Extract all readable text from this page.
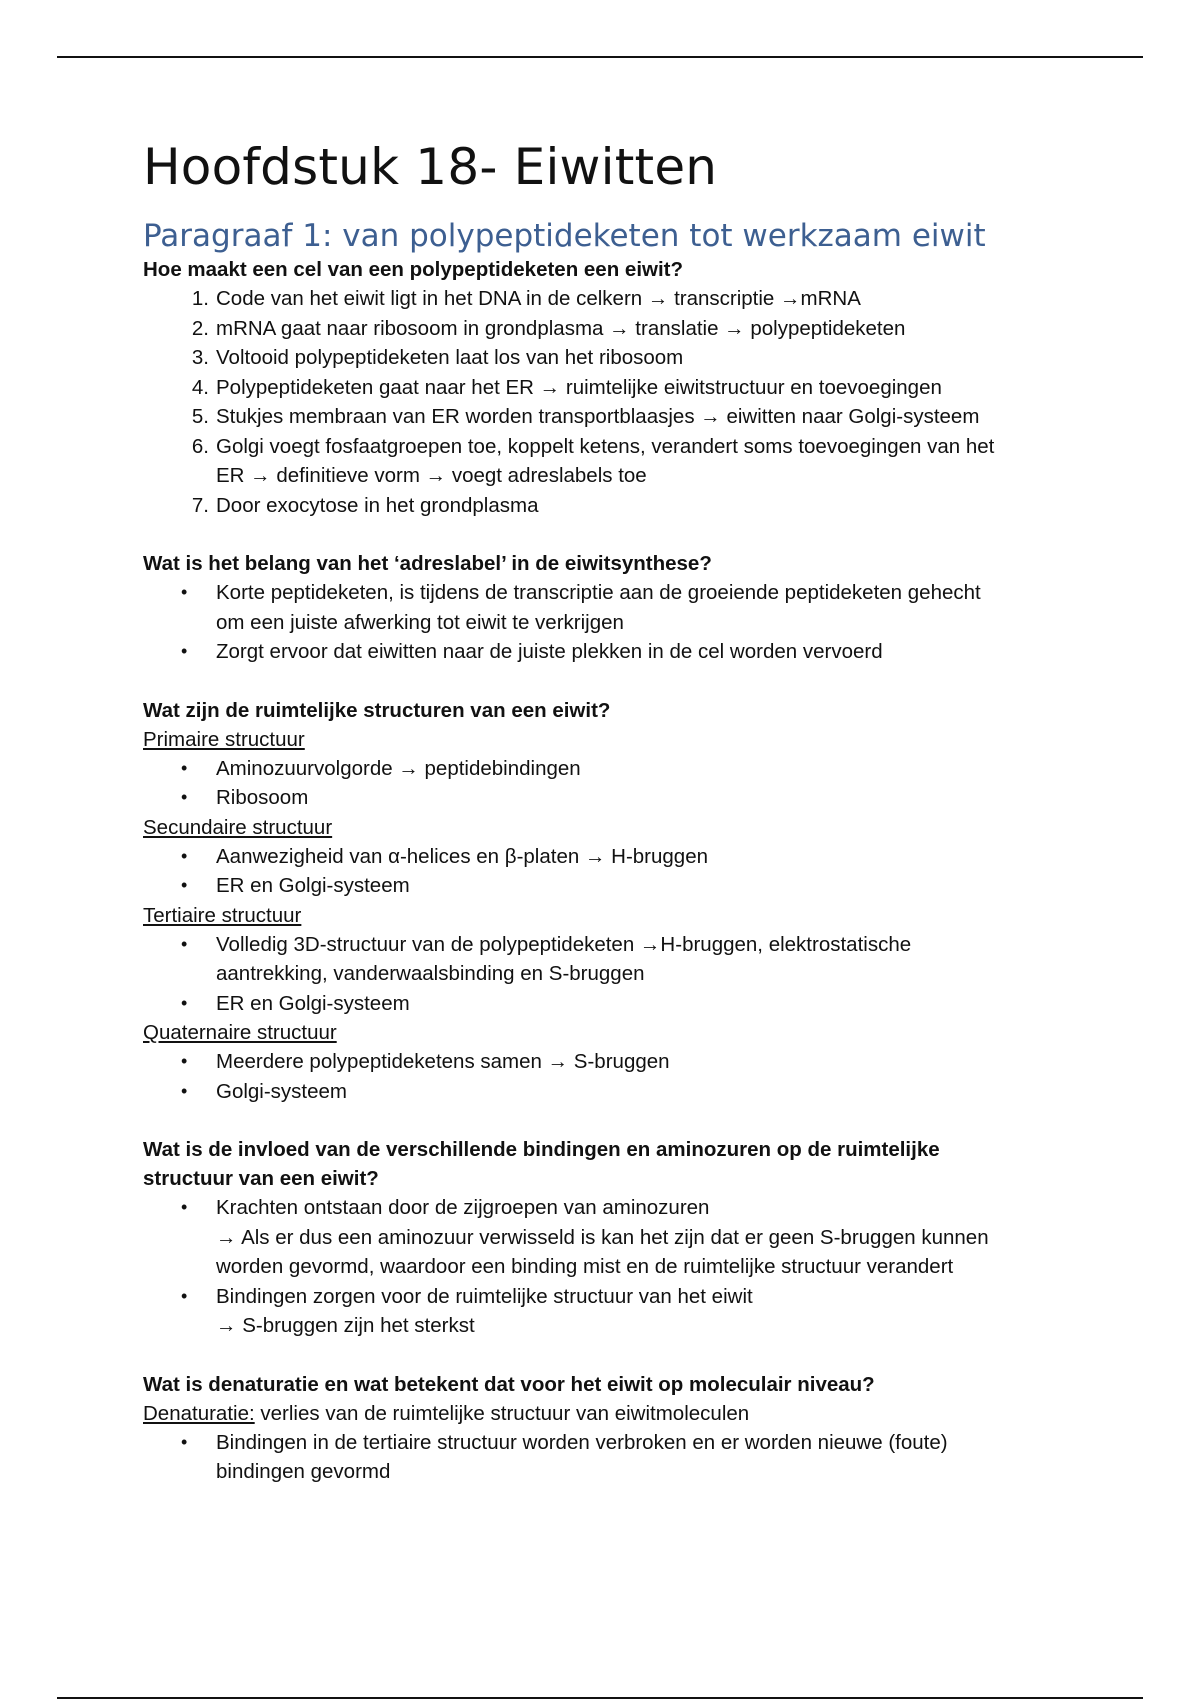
Hoofdstuk 18- Eiwitten
Paragraaf 1: van polypeptideketen tot werkzaam eiwit

Hoe maakt een cel van een polypeptideketen een eiwit?

1. Code van het eiwit ligt in het DNA in de celkern → transcriptie →mRNA
2. mRNA gaat naar ribosoom in grondplasma → translatie → polypeptideketen
3. Voltooid polypeptideketen laat los van het ribosoom
4. Polypeptideketen gaat naar het ER → ruimtelijke eiwitstructuur en toevoegingen
5. Stukjes membraan van ER worden transportblaasjes → eiwitten naar Golgi-systeem
6. Golgi voegt fosfaatgroepen toe, koppelt ketens, verandert soms toevoegingen van het
ER → definitieve vorm → voegt adreslabels toe
7. Door exocytose in het grondplasma

Wat is het belang van het ‘adreslabel’ in de eiwitsynthese?

• Korte peptideketen, is tijdens de transcriptie aan de groeiende peptideketen gehecht
om een juiste afwerking tot eiwit te verkrijgen
• Zorgt ervoor dat eiwitten naar de juiste plekken in de cel worden vervoerd

Wat zijn de ruimtelijke structuren van een eiwit?

Primaire structuur

• Aminozuurvolgorde → peptidebindingen
• Ribosoom

Secundaire structuur

• Aanwezigheid van α-helices en β-platen → H-bruggen
• ER en Golgi-systeem

Tertiaire structuur

• Volledig 3D-structuur van de polypeptideketen →H-bruggen, elektrostatische
aantrekking, vanderwaalsbinding en S-bruggen
• ER en Golgi-systeem

Quaternaire structuur

• Meerdere polypeptideketens samen → S-bruggen
• Golgi-systeem

Wat is de invloed van de verschillende bindingen en aminozuren op de ruimtelijke
structuur van een eiwit?

• Krachten ontstaan door de zijgroepen van aminozuren
→ Als er dus een aminozuur verwisseld is kan het zijn dat er geen S-bruggen kunnen
worden gevormd, waardoor een binding mist en de ruimtelijke structuur verandert
• Bindingen zorgen voor de ruimtelijke structuur van het eiwit
→ S-bruggen zijn het sterkst

Wat is denaturatie en wat betekent dat voor het eiwit op moleculair niveau?

Denaturatie: verlies van de ruimtelijke structuur van eiwitmoleculen

• Bindingen in de tertiaire structuur worden verbroken en er worden nieuwe (foute)
bindingen gevormd
